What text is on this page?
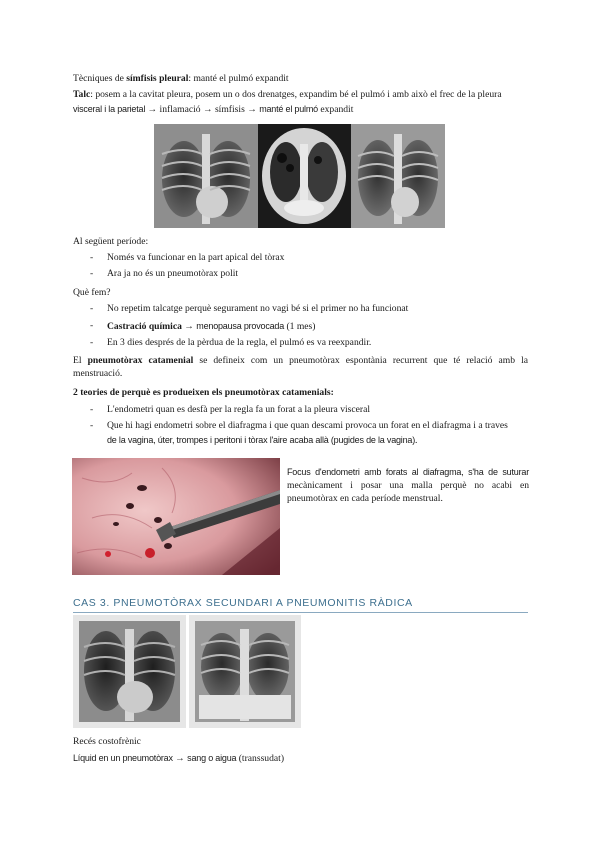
Tècniques de símfisis pleural: manté el pulmó expandit
Talc: posem a la cavitat pleura, posem un o dos drenatges, expandim bé el pulmó i amb això el frec de la pleura
visceral i la parietal → inflamació → símfisis → manté el pulmó expandit
Al següent període:
- Només va funcionar en la part apical del tòrax
- Ara ja no és un pneumotòrax polit
Què fem?
- No repetim talcatge perquè segurament no vagi bé si el primer no ha funcionat
- Castració química → menopausa provocada (1 mes)
- En 3 dies després de la pèrdua de la regla, el pulmó es va reexpandir.
El pneumotòrax catamenial se defineix com un pneumotòrax espontània recurrent que té relació amb la menstruació.
2 teories de perquè es produeixen els pneumotòrax catamenials:
- L'endometri quan es desfà per la regla fa un forat a la pleura visceral
- Que hi hagi endometri sobre el diafragma i que quan descami provoca un forat en el diafragma i a traves
de la vagina, úter, trompes i peritoni i tòrax l'aire acaba allà (pugides de la vagina).
Focus d'endometri amb forats al diafragma, s'ha de suturar mecànicament i posar una malla perquè no acabi en pneumotòrax en cada període menstrual.
CAS 3. PNEUMOTÒRAX SECUNDARI A PNEUMONITIS RÀDICA
Recés costofrènic
Líquid en un pneumotòrax → sang o aigua (transsudat)
